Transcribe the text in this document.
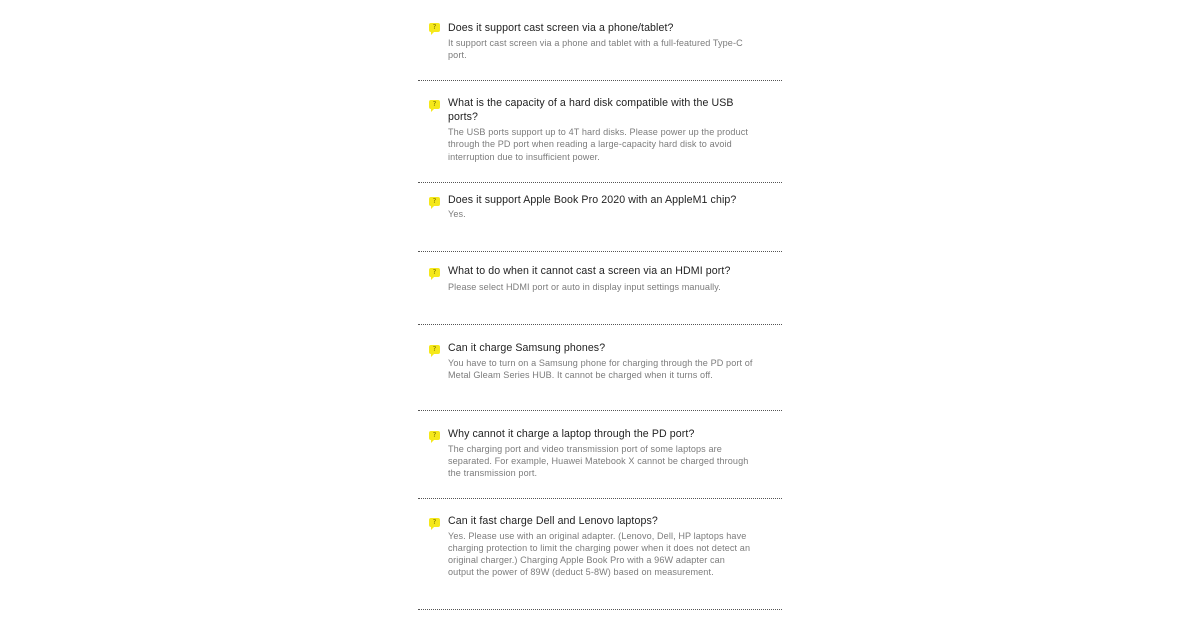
?	Does it support cast screen via a phone/tablet?

It support cast screen via a phone and tablet with a full-featured Type-C port.

?	What is the capacity of a hard disk compatible with the USB ports?

The USB ports support up to 4T hard disks. Please power up the product through the PD port when reading a large-capacity hard disk to avoid interruption due to insufficient power.

?	Does it support Apple Book Pro 2020 with an AppleM1 chip?

Yes.

?	What to do when it cannot cast a screen via an HDMI port?

Please select HDMI port or auto in display input settings manually.

?	Can it charge Samsung phones?

You have to turn on a Samsung phone for charging through the PD port of Metal Gleam Series HUB. It cannot be charged when it turns off.

?	Why cannot it charge a laptop through the PD port?

The charging port and video transmission port of some laptops are separated. For example, Huawei Matebook X cannot be charged through the transmission port.

?	Can it fast charge Dell and Lenovo laptops?

Yes. Please use with an original adapter. (Lenovo, Dell, HP laptops have charging protection to limit the charging power when it does not detect an original charger.) Charging Apple Book Pro with a 96W adapter can output the power of 89W (deduct 5-8W) based on measurement.
